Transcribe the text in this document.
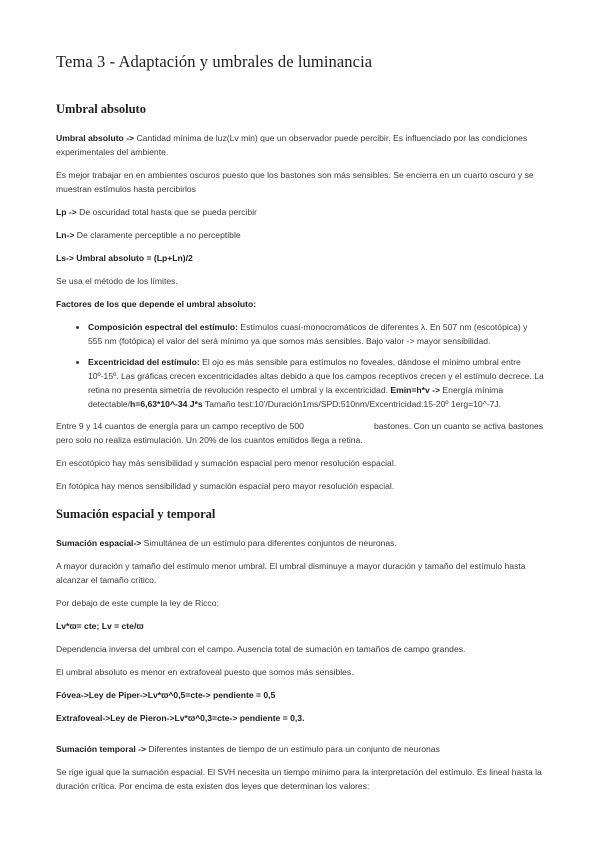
Tema 3 - Adaptación y umbrales de luminancia
Umbral absoluto

Umbral absoluto -> Cantidad mínima de luz(Lv min) que un observador puede percibir. Es influenciado por las condiciones experimentales del ambiente.

Es mejor trabajar en en ambientes oscuros puesto que los bastones son más sensibles. Se encierra en un cuarto oscuro y se muestran estímulos hasta percibirlos

Lp -> De oscuridad total hasta que se pueda percibir

Ln-> De claramente perceptible a no perceptible

Ls-> Umbral absoluto = (Lp+Ln)/2

Se usa el método de los límites.

Factores de los que depende el umbral absoluto:

• Composición espectral del estímulo: Estímulos cuasi-monocromáticos de diferentes λ. En 507 nm (escotópica) y 555 nm (fotópica) el valor del será mínimo ya que somos más sensibles. Bajo valor -> mayor sensibilidad.
• Excentricidad del estímulo: El ojo es más sensible para estímulos no foveales, dándose el mínimo umbral entre 10º-15º. Las gráficas crecen excentricidades altas debido a que los campos receptivos crecen y el estímulo decrece. La retina no presenta simetría de revolución respecto el umbral y la excentricidad. Emin=h*v -> Energía mínima detectable/h=6,63*10^-34 J*s Tamaño test:10'/Duración1ms/SPD:510nm/Excentricidad:15-20º 1erg=10^-7J.

Entre 9 y 14 cuantos de energía para un campo receptivo de 500	bastones. Con un cuanto se activa bastones pero solo no realiza estimulación. Un 20% de los cuantos emitidos llega a retina.

En escotópico hay más sensibilidad y sumación espacial pero menor resolución espacial.

En fotópica hay menos sensibilidad y sumación espacial pero mayor resolución espacial.

Sumación espacial y temporal

Sumación espacial-> Simultánea de un estímulo para diferentes conjuntos de neuronas.

A mayor duración y tamaño del estímulo menor umbral. El umbral disminuye a mayor duración y tamaño del estímulo hasta alcanzar el tamaño crítico.

Por debajo de este cumple la ley de Ricco:

Lv*ϖ= cte; Lv = cte/ϖ

Dependencia inversa del umbral con el campo. Ausencia total de sumación en tamaños de campo grandes.

El umbral absoluto es menor en extrafoveal puesto que somos más sensibles.

Fóvea->Ley de Piper->Lv*ϖ^0,5=cte-> pendiente = 0,5

Extrafoveal->Ley de Pieron->Lv*ϖ^0,3=cte-> pendiente = 0,3.

Sumación temporal -> Diferentes instantes de tiempo de un estímulo para un conjunto de neuronas

Se rige igual que la sumación espacial. El SVH necesita un tiempo mínimo para la interpretación del estímulo. Es lineal hasta la duración crítica. Por encima de esta existen dos leyes que determinan los valores:
